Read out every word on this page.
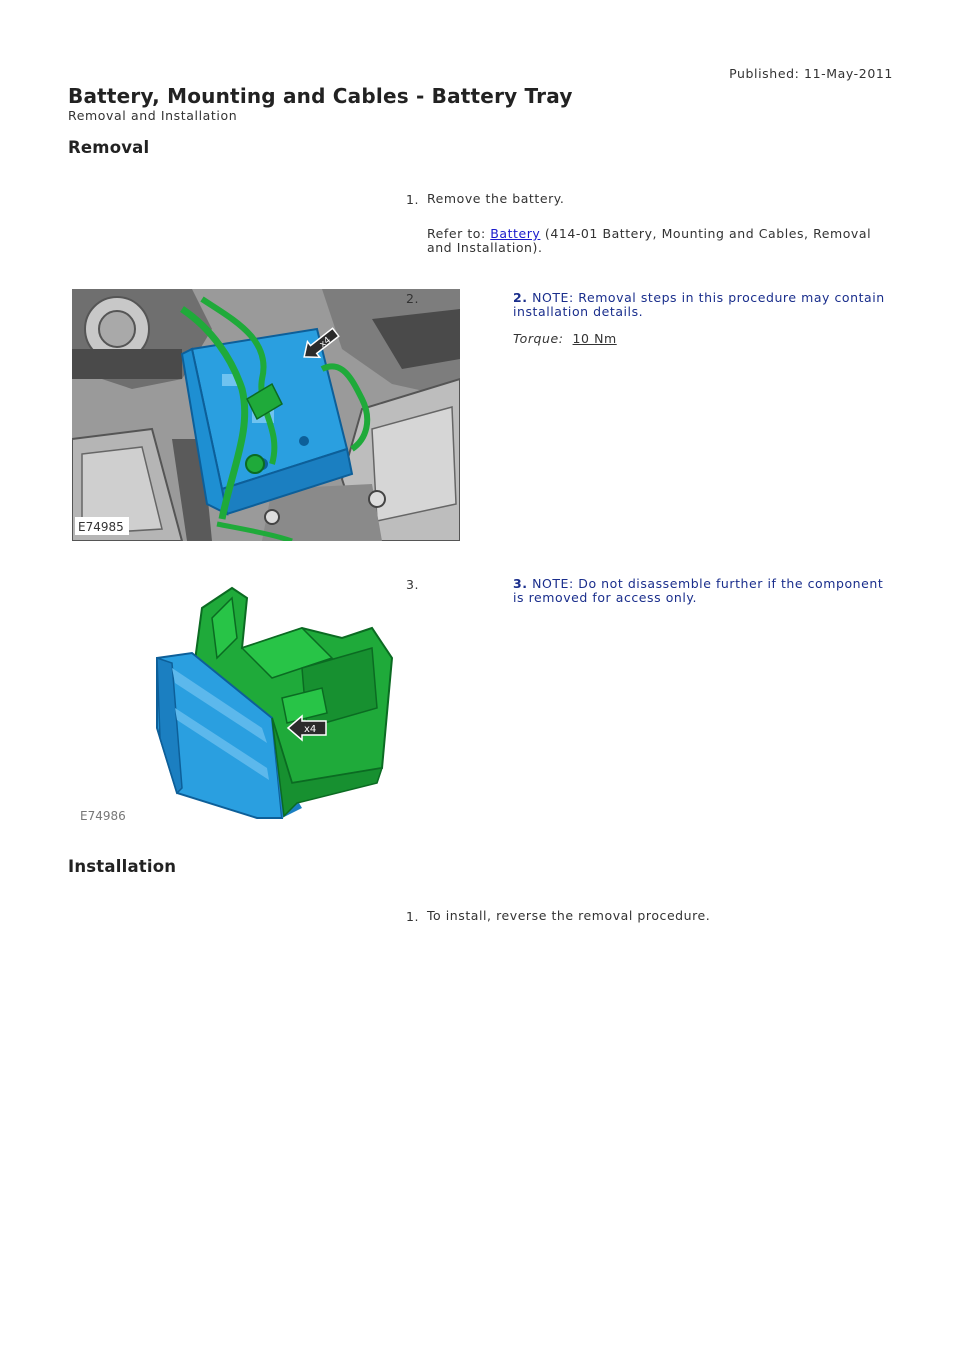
Published: 11-May-2011
Battery, Mounting and Cables - Battery Tray
Removal and Installation
Removal
1. Remove the battery.
Refer to: Battery (414-01 Battery, Mounting and Cables, Removal
and Installation).
x4
E74985
2.	2. NOTE: Removal steps in this procedure may contain
installation details.
Torque: 10 Nm
x4
E74986
3.	3. NOTE: Do not disassemble further if the component
is removed for access only.
Installation
1. To install, reverse the removal procedure.
